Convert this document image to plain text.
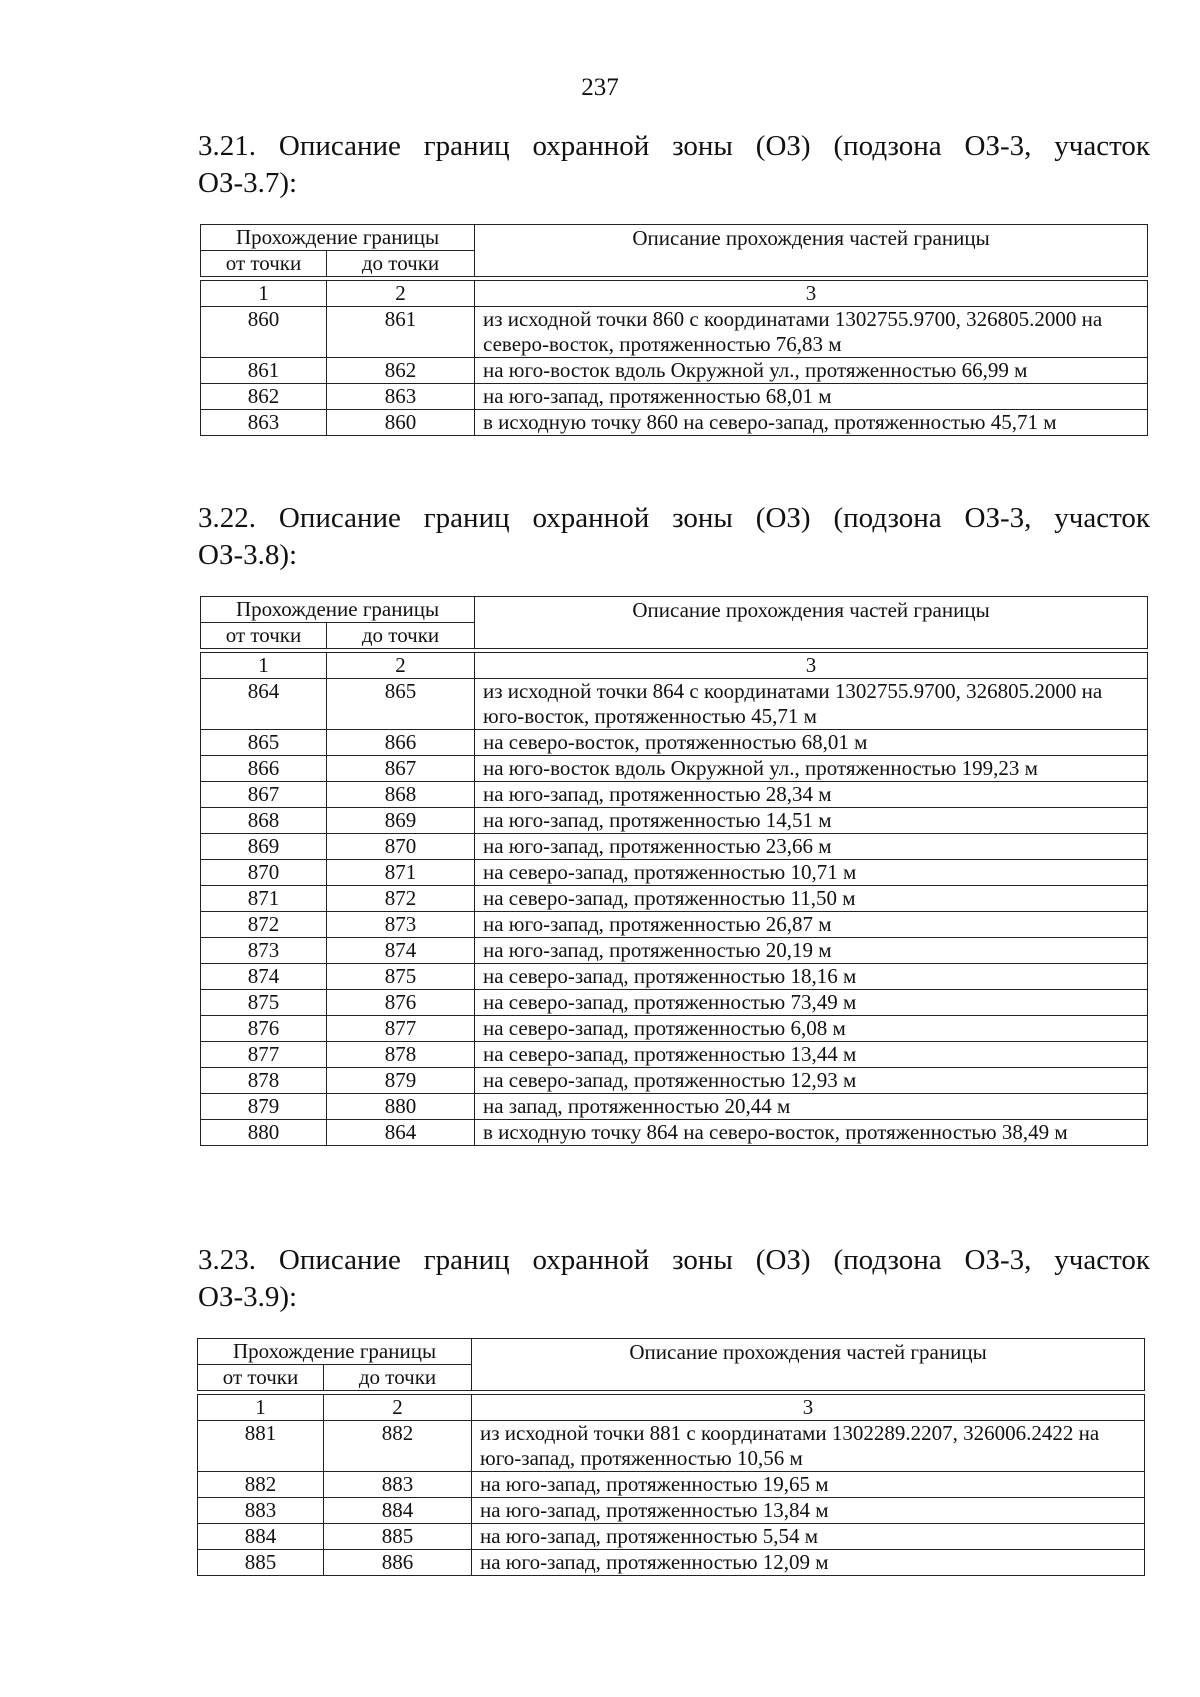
237
3.21. Описание границ охранной зоны (ОЗ) (подзона ОЗ-3, участок
ОЗ-3.7):
Прохождение границы		Описание прохождения частей границы
от точки	до точки	
1	2	3
860	861	из исходной точки 860 с координатами 1302755.9700, 326805.2000 на северо-восток, протяженностью 76,83 м
861	862	на юго-восток вдоль Окружной ул., протяженностью 66,99 м
862	863	на юго-запад, протяженностью 68,01 м
863	860	в исходную точку 860 на северо-запад, протяженностью 45,71 м
3.22. Описание границ охранной зоны (ОЗ) (подзона ОЗ-3, участок
ОЗ-3.8):
Прохождение границы		Описание прохождения частей границы
от точки	до точки	
1	2	3
864	865	из исходной точки 864 с координатами 1302755.9700, 326805.2000 на юго-восток, протяженностью 45,71 м
865	866	на северо-восток, протяженностью 68,01 м
866	867	на юго-восток вдоль Окружной ул., протяженностью 199,23 м
867	868	на юго-запад, протяженностью 28,34 м
868	869	на юго-запад, протяженностью 14,51 м
869	870	на юго-запад, протяженностью 23,66 м
870	871	на северо-запад, протяженностью 10,71 м
871	872	на северо-запад, протяженностью 11,50 м
872	873	на юго-запад, протяженностью 26,87 м
873	874	на юго-запад, протяженностью 20,19 м
874	875	на северо-запад, протяженностью 18,16 м
875	876	на северо-запад, протяженностью 73,49 м
876	877	на северо-запад, протяженностью 6,08 м
877	878	на северо-запад, протяженностью 13,44 м
878	879	на северо-запад, протяженностью 12,93 м
879	880	на запад, протяженностью 20,44 м
880	864	в исходную точку 864 на северо-восток, протяженностью 38,49 м
3.23. Описание границ охранной зоны (ОЗ) (подзона ОЗ-3, участок
ОЗ-3.9):
Прохождение границы		Описание прохождения частей границы
от точки	до точки	
1	2	3
881	882	из исходной точки 881 с координатами 1302289.2207, 326006.2422 на юго-запад, протяженностью 10,56 м
882	883	на юго-запад, протяженностью 19,65 м
883	884	на юго-запад, протяженностью 13,84 м
884	885	на юго-запад, протяженностью 5,54 м
885	886	на юго-запад, протяженностью 12,09 м
